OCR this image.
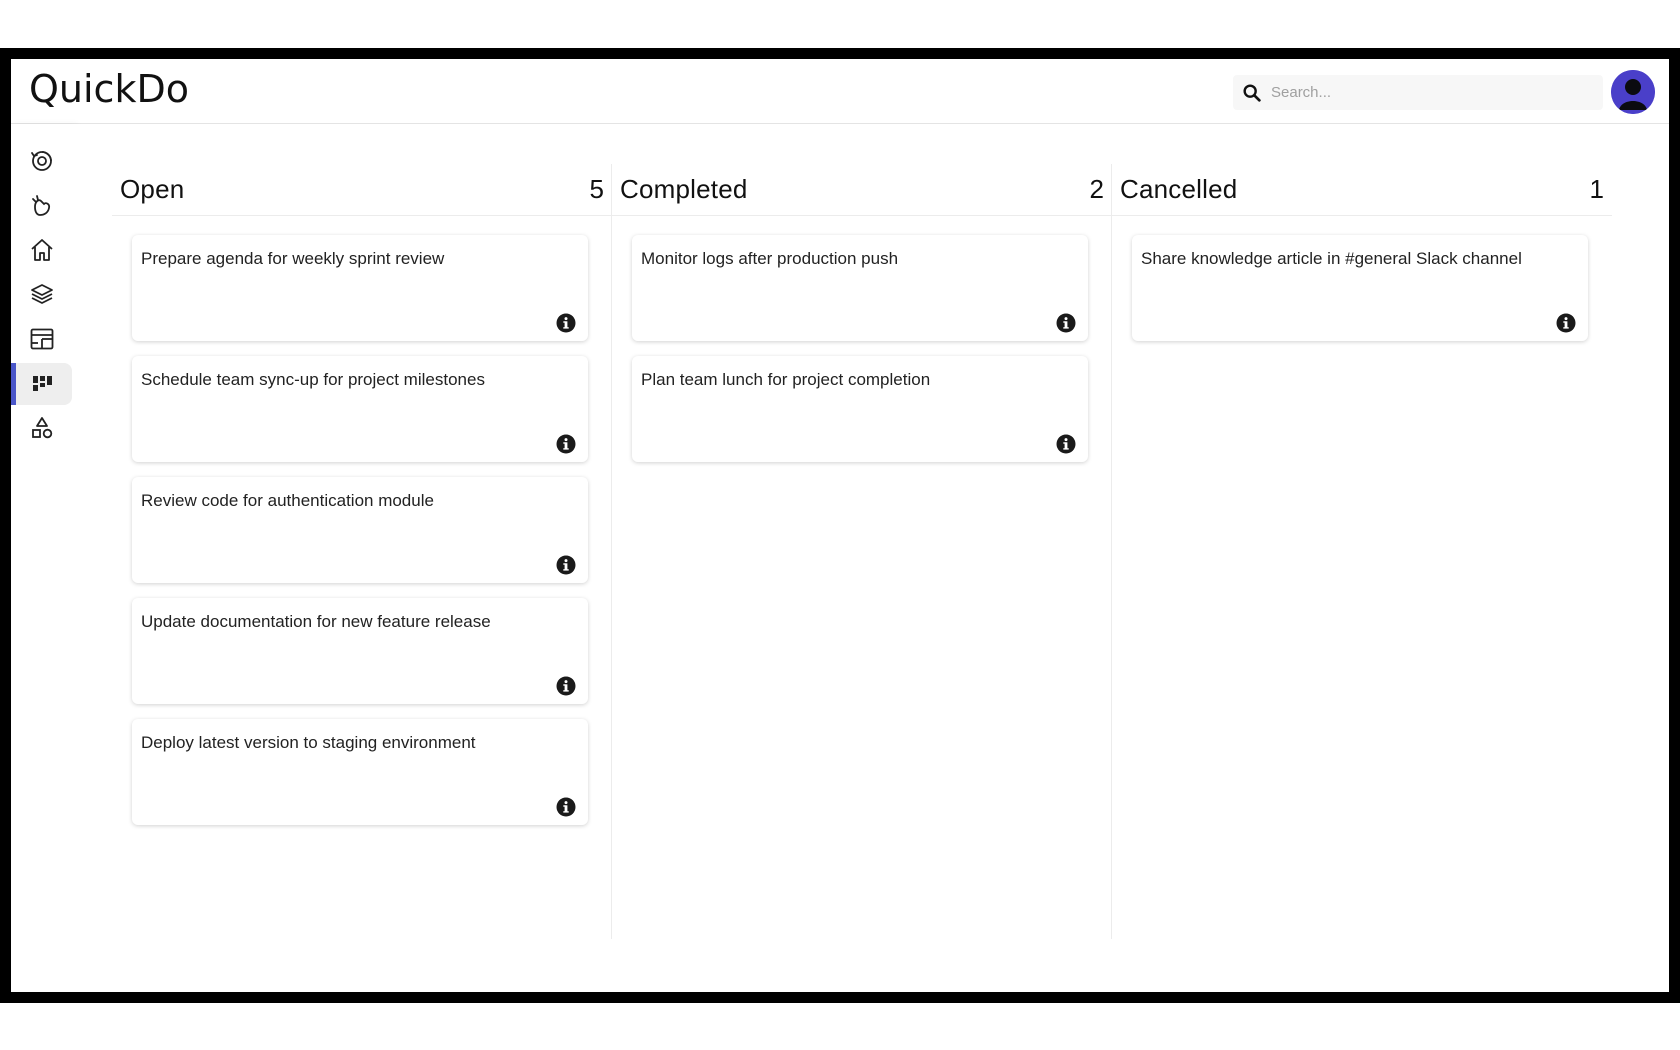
QuickDo
Search...
Open	5
Prepare agenda for weekly sprint review
Schedule team sync-up for project milestones
Review code for authentication module
Update documentation for new feature release
Deploy latest version to staging environment
Completed	2
Monitor logs after production push
Plan team lunch for project completion
Cancelled	1
Share knowledge article in #general Slack channel
